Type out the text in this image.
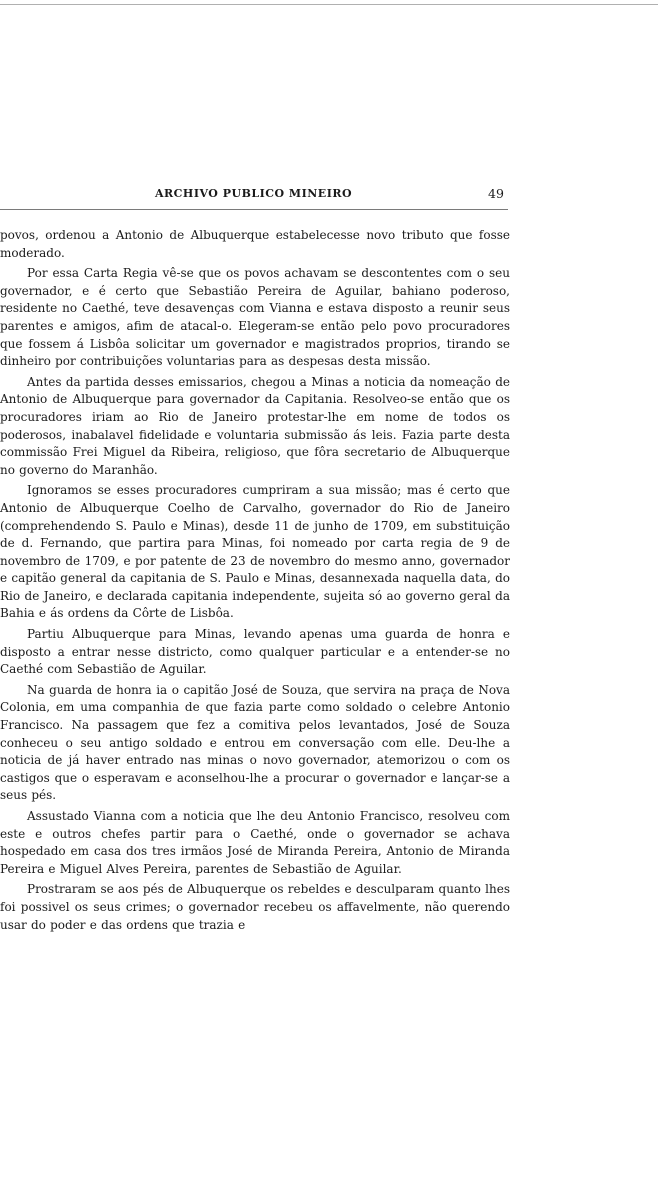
ARCHIVO PUBLICO MINEIRO	49

povos, ordenou a Antonio de Albuquerque estabelecesse novo tributo que fosse moderado.

Por essa Carta Regia vê-se que os povos achavam se descontentes com o seu governador, e é certo que Sebastião Pereira de Aguilar, bahiano poderoso, residente no Caethé, teve desavenças com Vianna e estava disposto a reunir seus parentes e amigos, afim de atacal-o. Elegeram-se então pelo povo procuradores que fossem á Lisbôa solicitar um governador e magistrados proprios, tirando se dinheiro por contribuições voluntarias para as despesas desta missão.

Antes da partida desses emissarios, chegou a Minas a noticia da nomeação de Antonio de Albuquerque para governador da Capitania. Resolveo-se então que os procuradores iriam ao Rio de Janeiro protestar-lhe em nome de todos os poderosos, inabalavel fidelidade e voluntaria submissão ás leis. Fazia parte desta commissão Frei Miguel da Ribeira, religioso, que fôra secretario de Albuquerque no governo do Maranhão.

Ignoramos se esses procuradores cumpriram a sua missão; mas é certo que Antonio de Albuquerque Coelho de Carvalho, governador do Rio de Janeiro (comprehendendo S. Paulo e Minas), desde 11 de junho de 1709, em substituição de d. Fernando, que partira para Minas, foi nomeado por carta regia de 9 de novembro de 1709, e por patente de 23 de novembro do mesmo anno, governador e capitão general da capitania de S. Paulo e Minas, desannexada naquella data, do Rio de Janeiro, e declarada capitania independente, sujeita só ao governo geral da Bahia e ás ordens da Côrte de Lisbôa.

Partiu Albuquerque para Minas, levando apenas uma guarda de honra e disposto a entrar nesse districto, como qualquer particular e a entender-se no Caethé com Sebastião de Aguilar.

Na guarda de honra ia o capitão José de Souza, que servira na praça de Nova Colonia, em uma companhia de que fazia parte como soldado o celebre Antonio Francisco. Na passagem que fez a comitiva pelos levantados, José de Souza conheceu o seu antigo soldado e entrou em conversação com elle. Deu-lhe a noticia de já haver entrado nas minas o novo governador, atemorizou o com os castigos que o esperavam e aconselhou-lhe a procurar o governador e lançar-se a seus pés.

Assustado Vianna com a noticia que lhe deu Antonio Francisco, resolveu com este e outros chefes partir para o Caethé, onde o governador se achava hospedado em casa dos tres irmãos José de Miranda Pereira, Antonio de Miranda Pereira e Miguel Alves Pereira, parentes de Sebastião de Aguilar.

Prostraram se aos pés de Albuquerque os rebeldes e desculparam quanto lhes foi possivel os seus crimes; o governador recebeu os affavelmente, não querendo usar do poder e das ordens que trazia e
